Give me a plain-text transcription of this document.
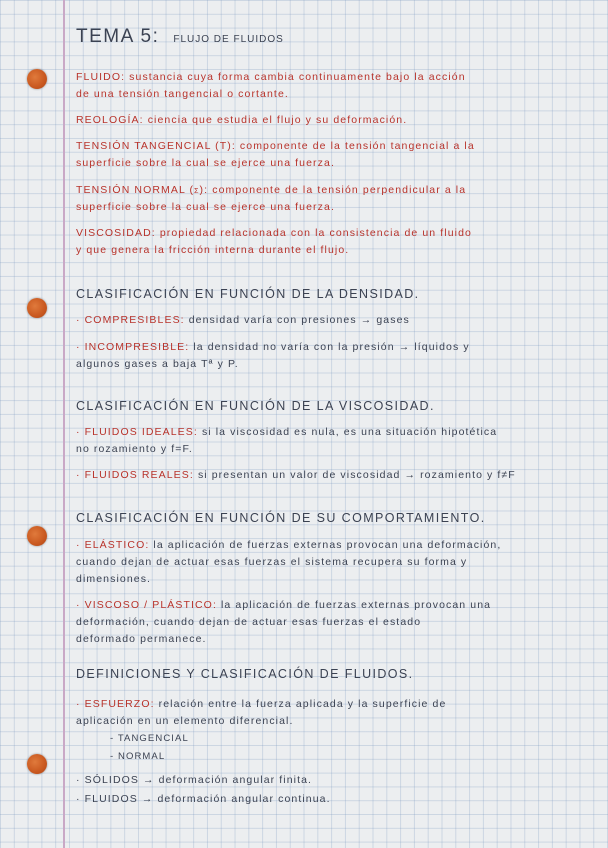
TEMA 5: FLUJO DE FLUIDOS
FLUIDO: sustancia cuya forma cambia continuamente bajo la acción
de una tensión tangencial o cortante.
REOLOGÍA: ciencia que estudia el flujo y su deformación.
TENSIÓN TANGENCIAL (T): componente de la tensión tangencial a la
superficie sobre la cual se ejerce una fuerza.
TENSIÓN NORMAL (σ): componente de la tensión perpendicular a la
superficie sobre la cual se ejerce una fuerza.
VISCOSIDAD: propiedad relacionada con la consistencia de un fluido
y que genera la fricción interna durante el flujo.
CLASIFICACIÓN EN FUNCIÓN DE LA DENSIDAD.
· COMPRESIBLES: densidad varía con presiones → gases
· INCOMPRESIBLE: la densidad no varía con la presión → líquidos y
algunos gases a baja Tª y P.
CLASIFICACIÓN EN FUNCIÓN DE LA VISCOSIDAD.
· FLUIDOS IDEALES: si la viscosidad es nula, es una situación hipotética
no rozamiento y f=F.
· FLUIDOS REALES: si presentan un valor de viscosidad → rozamiento y f≠F
CLASIFICACIÓN EN FUNCIÓN DE SU COMPORTAMIENTO.
· ELÁSTICO: la aplicación de fuerzas externas provocan una deformación,
cuando dejan de actuar esas fuerzas el sistema recupera su forma y
dimensiones.
· VISCOSO / PLÁSTICO: la aplicación de fuerzas externas provocan una
deformación, cuando dejan de actuar esas fuerzas el estado
deformado permanece.
DEFINICIONES Y CLASIFICACIÓN DE FLUIDOS.
· ESFUERZO: relación entre la fuerza aplicada y la superficie de
aplicación en un elemento diferencial.
- TANGENCIAL
- NORMAL
· SÓLIDOS → deformación angular finita.
· FLUIDOS → deformación angular continua.
